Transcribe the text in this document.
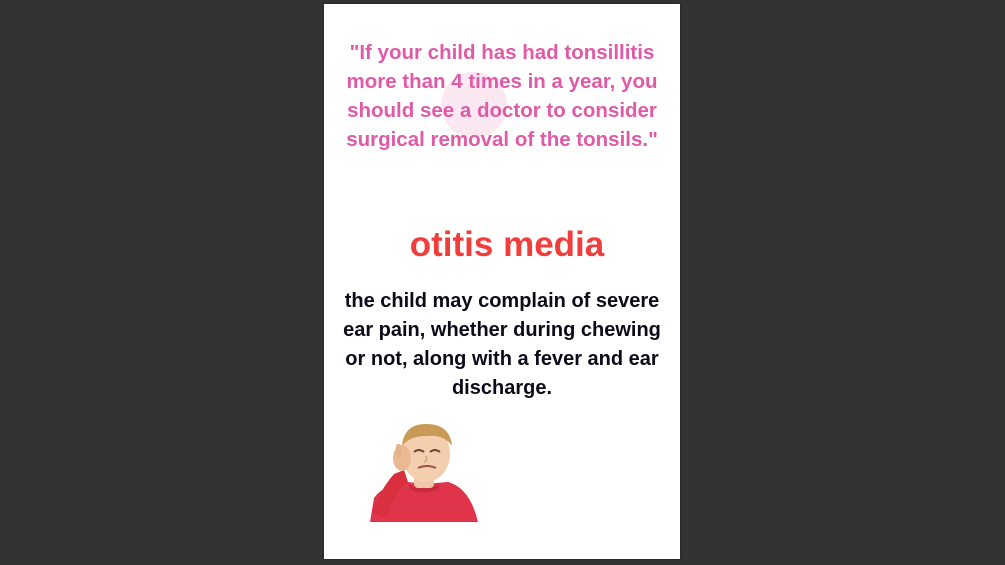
"If your child has had tonsillitis more than 4 times in a year, you should see a doctor to consider surgical removal of the tonsils."

otitis media

the child may complain of severe ear pain, whether during chewing or not, along with a fever and ear discharge.
